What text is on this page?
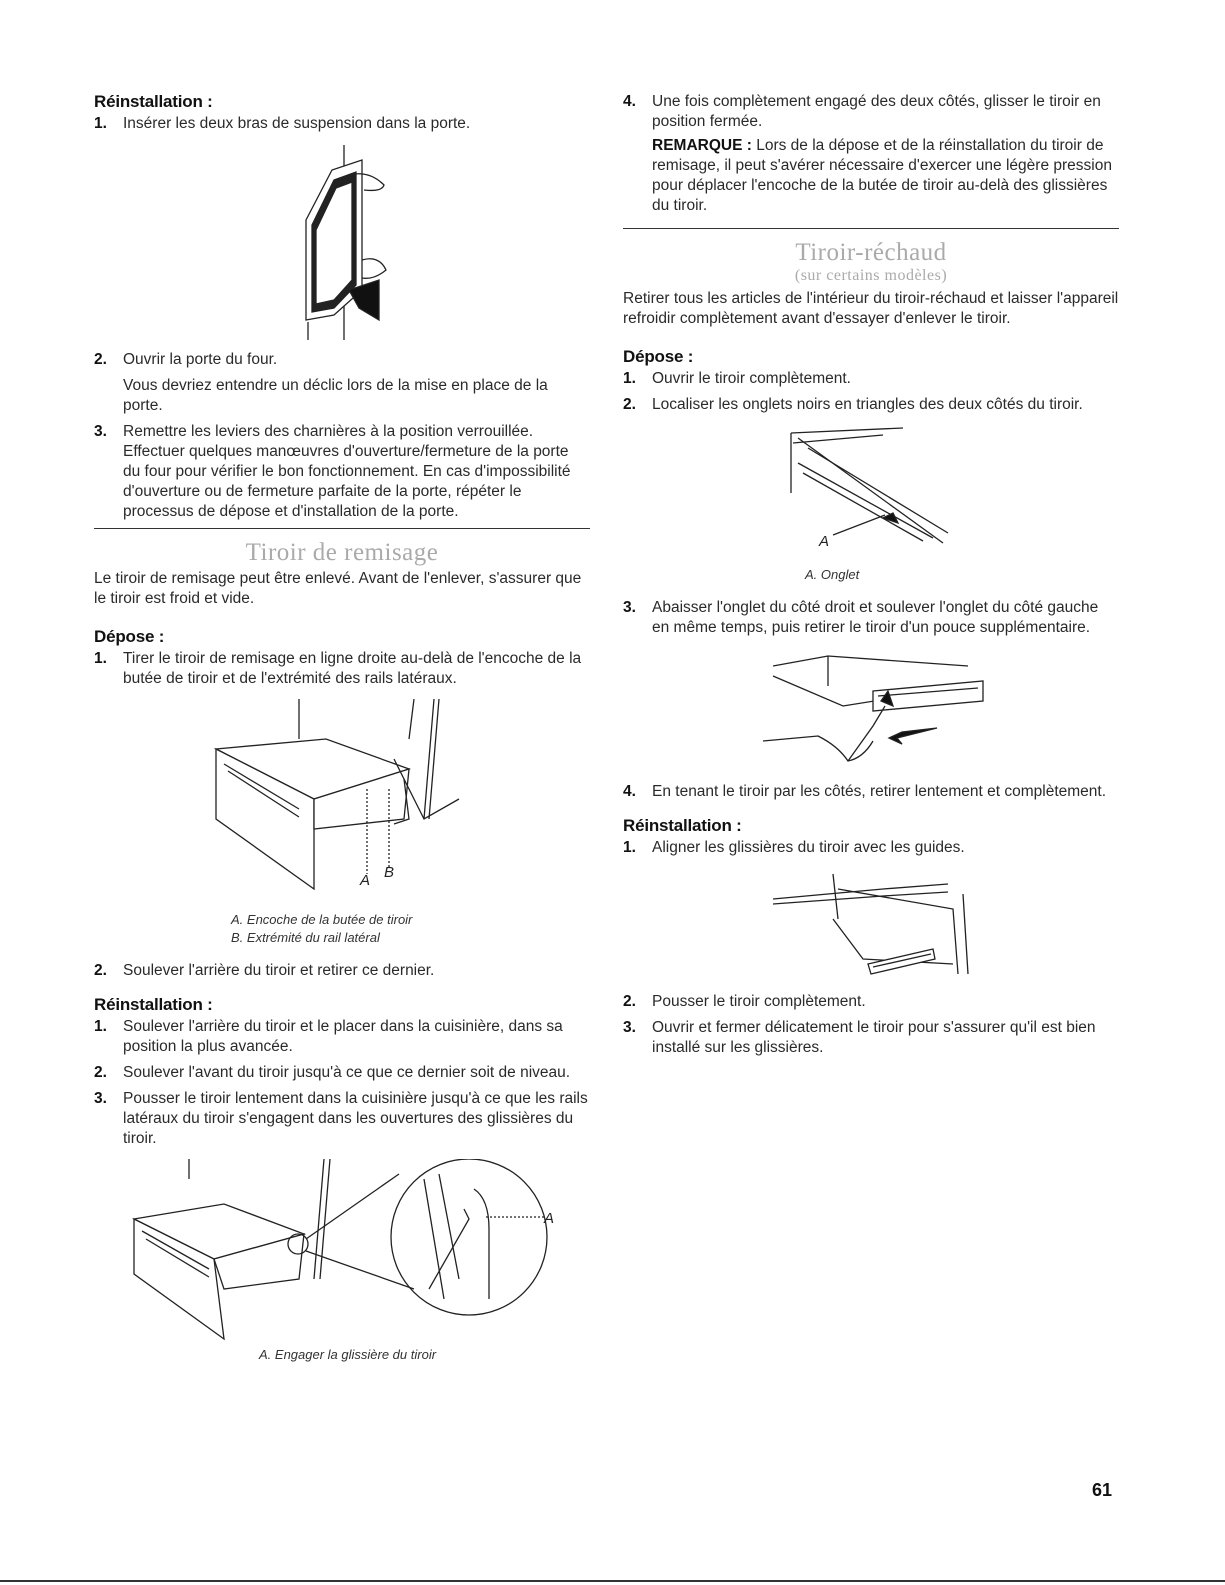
Réinstallation :
1. Insérer les deux bras de suspension dans la porte.
2. Ouvrir la porte du four.
Vous devriez entendre un déclic lors de la mise en place de la porte.
3. Remettre les leviers des charnières à la position verrouillée. Effectuer quelques manœuvres d'ouverture/fermeture de la porte du four pour vérifier le bon fonctionnement. En cas d'impossibilité d'ouverture ou de fermeture parfaite de la porte, répéter le processus de dépose et d'installation de la porte.

Tiroir de remisage

Le tiroir de remisage peut être enlevé. Avant de l'enlever, s'assurer que le tiroir est froid et vide.

Dépose :
1. Tirer le tiroir de remisage en ligne droite au-delà de l'encoche de la butée de tiroir et de l'extrémité des rails latéraux.
A B
A. Encoche de la butée de tiroir
B. Extrémité du rail latéral
2. Soulever l'arrière du tiroir et retirer ce dernier.
Réinstallation :
1. Soulever l'arrière du tiroir et le placer dans la cuisinière, dans sa position la plus avancée.
2. Soulever l'avant du tiroir jusqu'à ce que ce dernier soit de niveau.
3. Pousser le tiroir lentement dans la cuisinière jusqu'à ce que les rails latéraux du tiroir s'engagent dans les ouvertures des glissières du tiroir.
A
A. Engager la glissière du tiroir
4. Une fois complètement engagé des deux côtés, glisser le tiroir en position fermée.
REMARQUE : Lors de la dépose et de la réinstallation du tiroir de remisage, il peut s'avérer nécessaire d'exercer une légère pression pour déplacer l'encoche de la butée de tiroir au-delà des glissières du tiroir.

Tiroir-réchaud

(sur certains modèles)

Retirer tous les articles de l'intérieur du tiroir-réchaud et laisser l'appareil refroidir complètement avant d'essayer d'enlever le tiroir.

Dépose :
1. Ouvrir le tiroir complètement.
2. Localiser les onglets noirs en triangles des deux côtés du tiroir.
A
A. Onglet
3. Abaisser l'onglet du côté droit et soulever l'onglet du côté gauche en même temps, puis retirer le tiroir d'un pouce supplémentaire.
4. En tenant le tiroir par les côtés, retirer lentement et complètement.
Réinstallation :
1. Aligner les glissières du tiroir avec les guides.
2. Pousser le tiroir complètement.
3. Ouvrir et fermer délicatement le tiroir pour s'assurer qu'il est bien installé sur les glissières.
61
